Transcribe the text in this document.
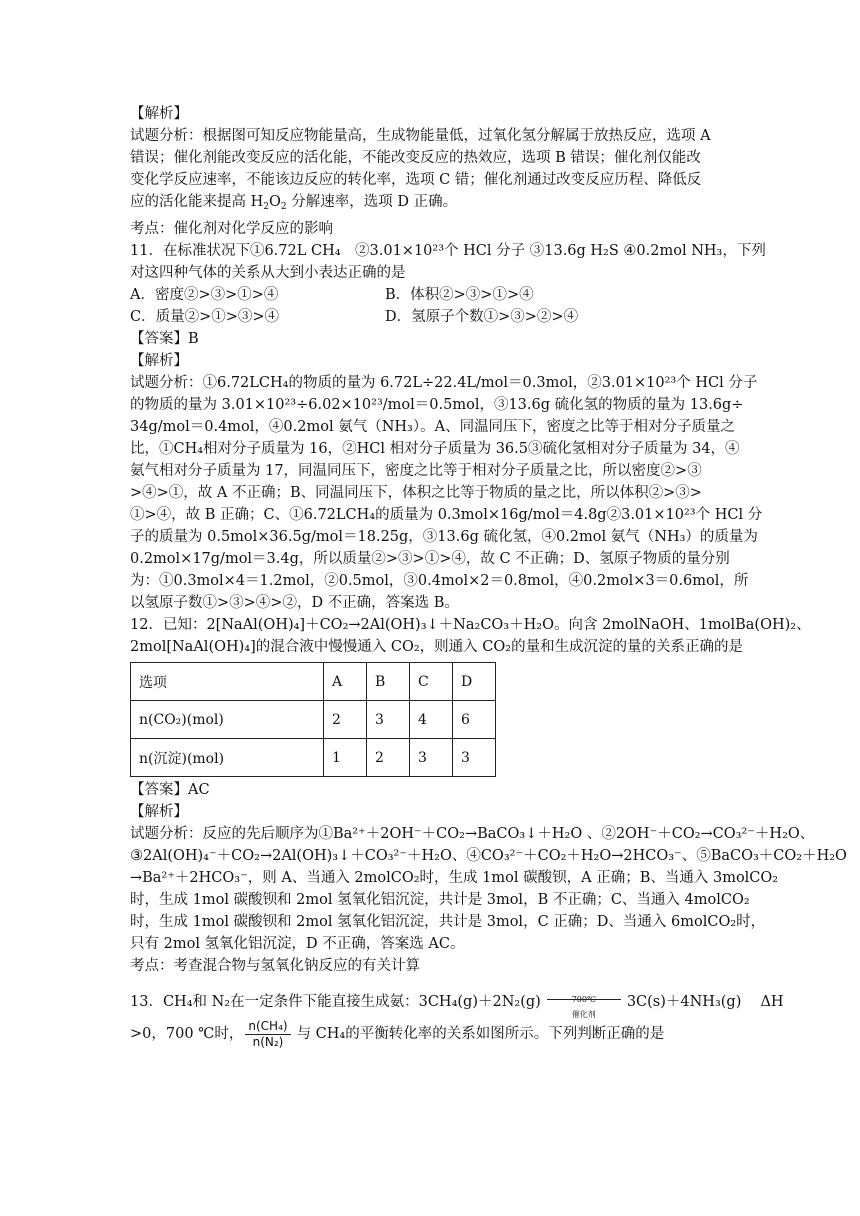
【解析】
试题分析：根据图可知反应物能量高，生成物能量低，过氧化氢分解属于放热反应，选项 A
错误；催化剂能改变反应的活化能，不能改变反应的热效应，选项 B 错误；催化剂仅能改
变化学反应速率，不能该边反应的转化率，选项 C 错；催化剂通过改变反应历程、降低反
应的活化能来提高 $H_2O_2$ 分解速率，选项 D 正确。
考点：催化剂对化学反应的影响
11．在标准状况下①6.72L CH₄　②3.01×10²³个 HCl 分子 ③13.6g H₂S ④0.2mol NH₃，下列
对这四种气体的关系从大到小表达正确的是
A．密度②>③>①>④	B．体积②>③>①>④
C．质量②>①>③>④	D．氢原子个数①>③>②>④
【答案】B
【解析】
试题分析：①6.72LCH₄的物质的量为 6.72L÷22.4L/mol＝0.3mol，②3.01×10²³个 HCl 分子
的物质的量为 3.01×10²³÷6.02×10²³/mol＝0.5mol，③13.6g 硫化氢的物质的量为 13.6g÷
34g/mol＝0.4mol，④0.2mol 氨气（NH₃）。A、同温同压下，密度之比等于相对分子质量之
比，①CH₄相对分子质量为 16，②HCl 相对分子质量为 36.5③硫化氢相对分子质量为 34，④
氨气相对分子质量为 17，同温同压下，密度之比等于相对分子质量之比，所以密度②>③
>④>①，故 A 不正确；B、同温同压下，体积之比等于物质的量之比，所以体积②>③>
①>④，故 B 正确；C、①6.72LCH₄的质量为 0.3mol×16g/mol＝4.8g②3.01×10²³个 HCl 分
子的质量为 0.5mol×36.5g/mol＝18.25g，③13.6g 硫化氢，④0.2mol 氨气（NH₃）的质量为
0.2mol×17g/mol＝3.4g，所以质量②>③>①>④，故 C 不正确；D、氢原子物质的量分别
为：①0.3mol×4＝1.2mol，②0.5mol，③0.4mol×2＝0.8mol，④0.2mol×3＝0.6mol，所
以氢原子数①>③>④>②，D 不正确，答案选 B。
12．已知：2[NaAl(OH)₄]＋CO₂→2Al(OH)₃↓＋Na₂CO₃＋H₂O。向含 2molNaOH、1molBa(OH)₂、
2mol[NaAl(OH)₄]的混合液中慢慢通入 CO₂，则通入 CO₂的量和生成沉淀的量的关系正确的是
选项	A	B	C	D
n(CO₂)(mol)	2	3	4	6
n(沉淀)(mol)	1	2	3	3
【答案】AC
【解析】
试题分析：反应的先后顺序为①Ba²⁺＋2OH⁻＋CO₂→BaCO₃↓＋H₂O 、②2OH⁻＋CO₂→CO₃²⁻＋H₂O、
③2Al(OH)₄⁻＋CO₂→2Al(OH)₃↓＋CO₃²⁻＋H₂O、④CO₃²⁻＋CO₂＋H₂O→2HCO₃⁻、⑤BaCO₃＋CO₂＋H₂O
→Ba²⁺＋2HCO₃⁻，则 A、当通入 2molCO₂时，生成 1mol 碳酸钡，A 正确；B、当通入 3molCO₂
时，生成 1mol 碳酸钡和 2mol 氢氧化铝沉淀，共计是 3mol，B 不正确；C、当通入 4molCO₂
时，生成 1mol 碳酸钡和 2mol 氢氧化铝沉淀，共计是 3mol，C 正确；D、当通入 6molCO₂时，
只有 2mol 氢氧化铝沉淀，D 不正确，答案选 AC。
考点：考查混合物与氢氧化钠反应的有关计算
13．CH₄和 N₂在一定条件下能直接生成氨：3CH₄(g)＋2N₂(g)	700℃
催化剂
3C(s)＋4NH₃(g)　 ΔH
>0，700 ℃时， $\frac{\text{n(CH₄)}}{\text{n(N₂)}}$ 与 CH₄的平衡转化率的关系如图所示。下列判断正确的是
